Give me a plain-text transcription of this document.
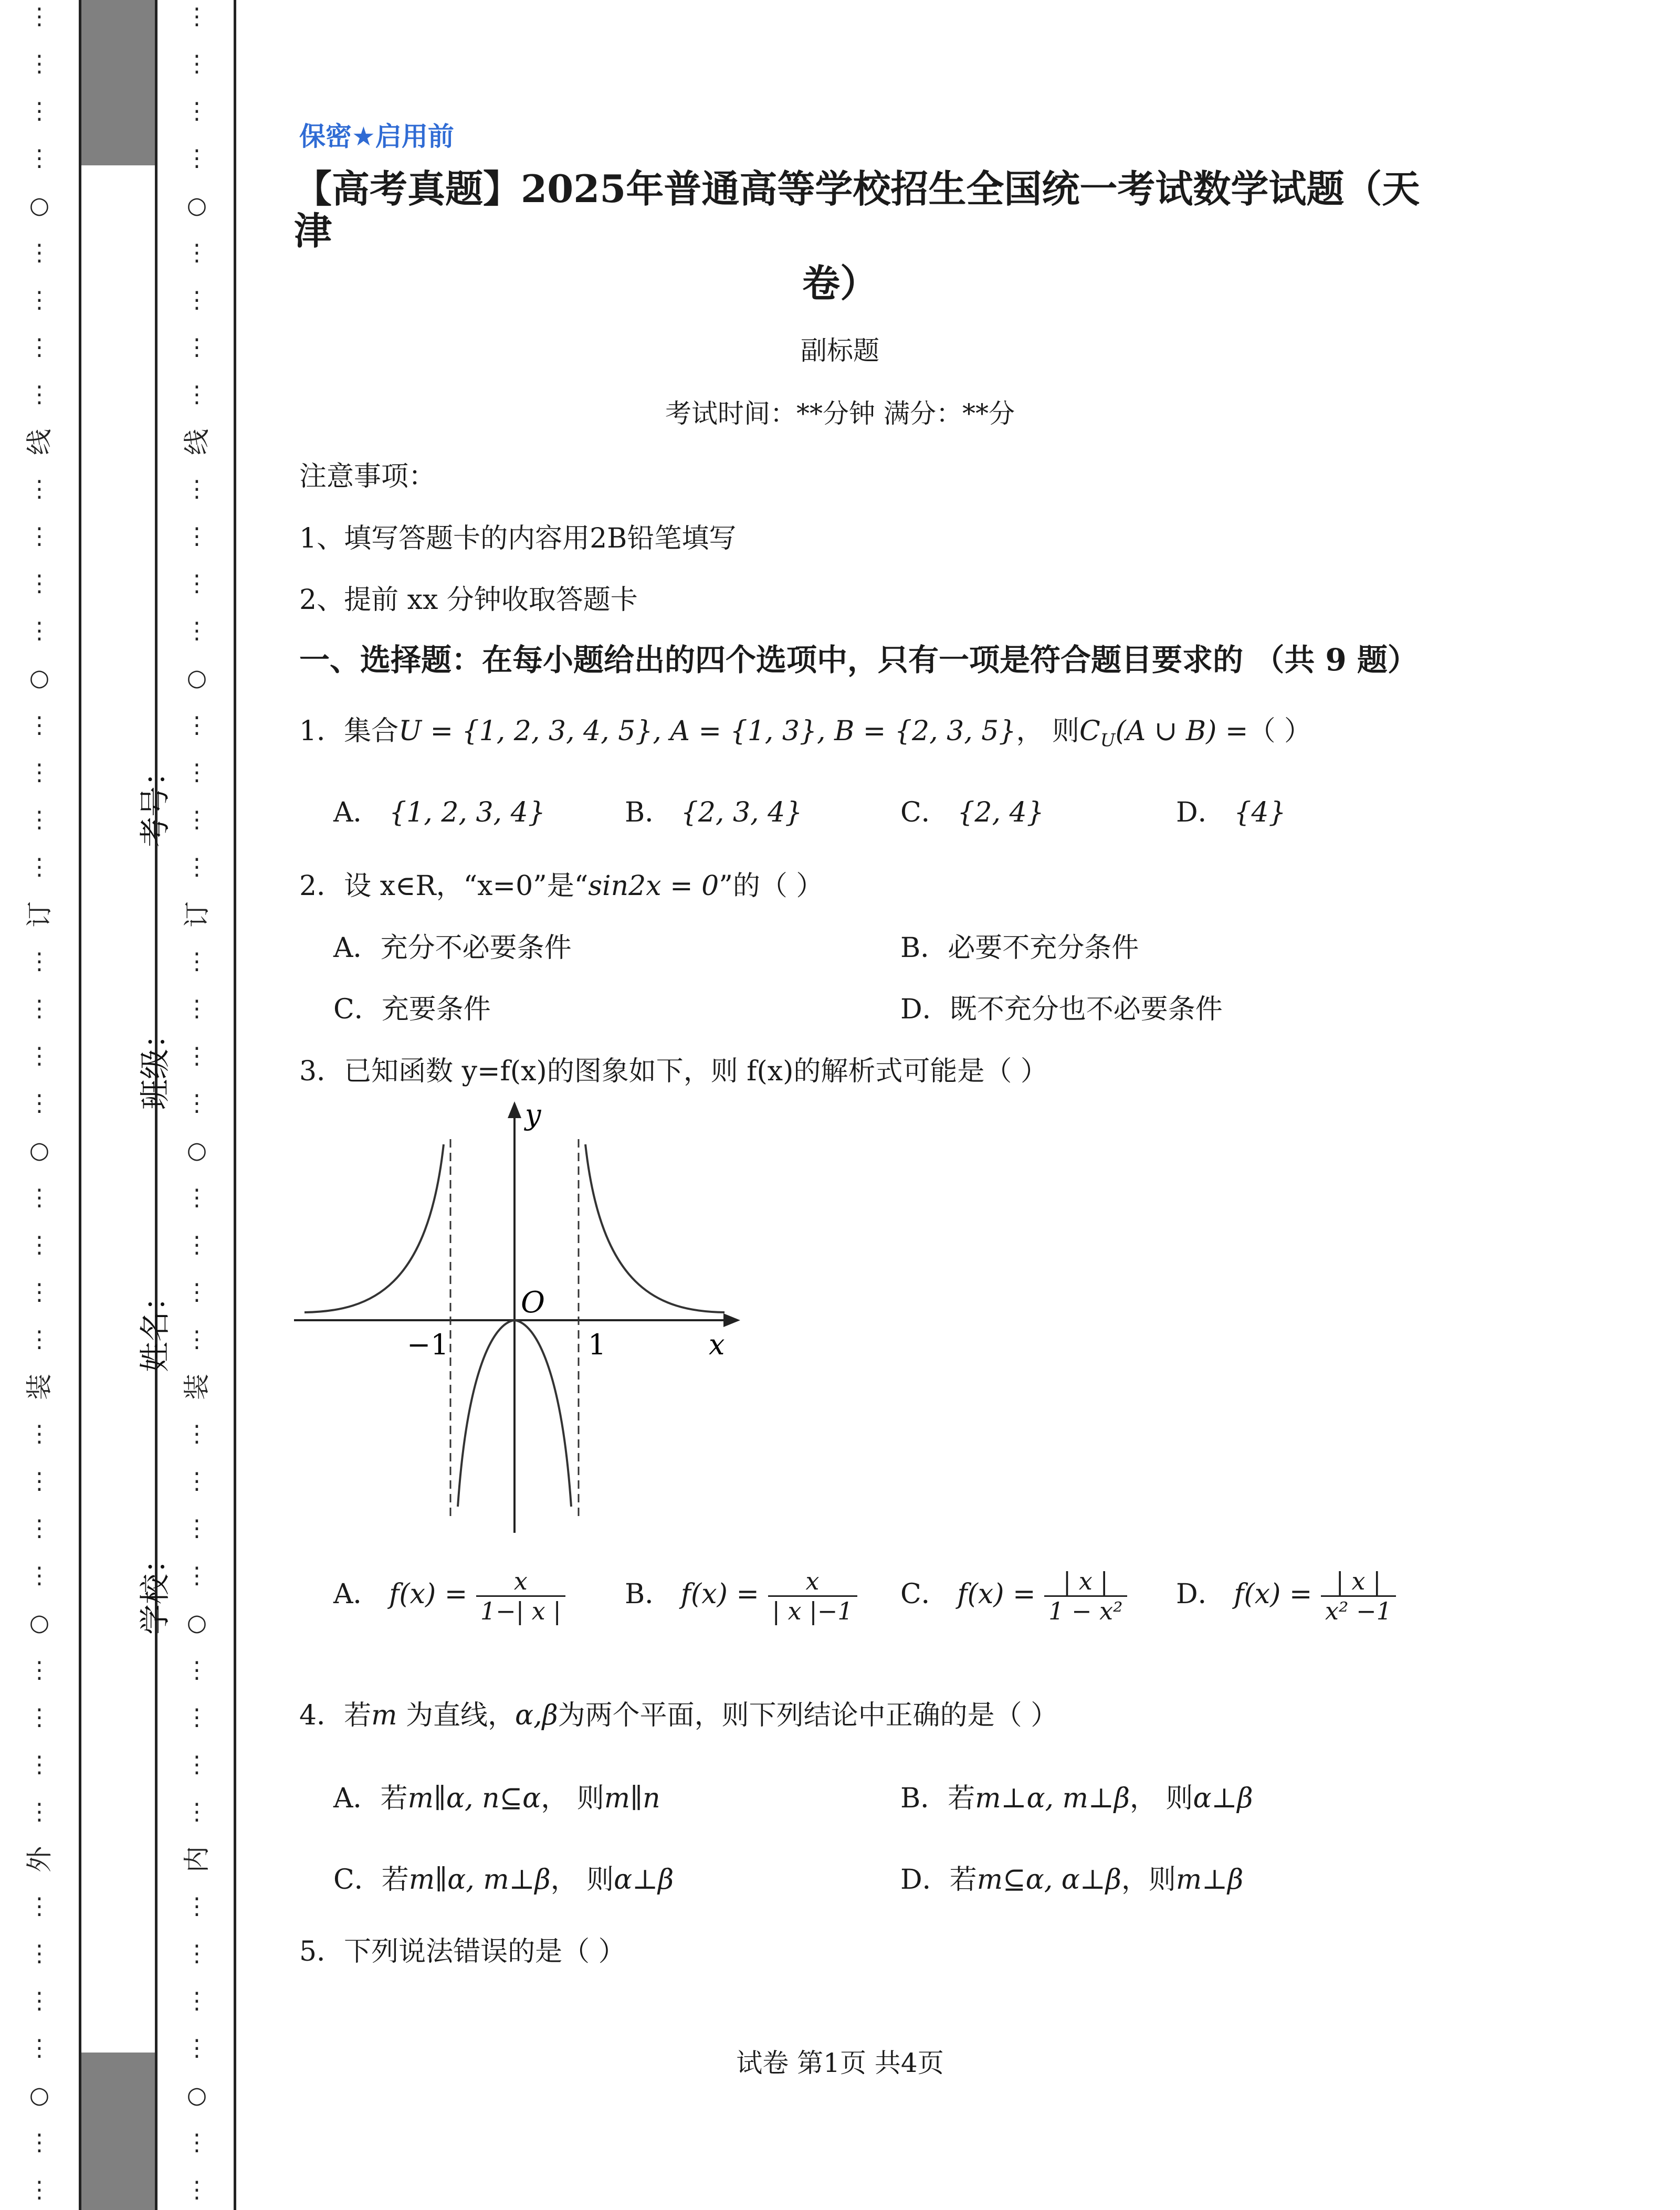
⋮
⋮
⋮
⋮
○
⋮
⋮
⋮
⋮
线
⋮
⋮
⋮
⋮
○
⋮
⋮
⋮
⋮
订
⋮
⋮
⋮
⋮
○
⋮
⋮
⋮
⋮
装
⋮
⋮
⋮
⋮
○
⋮
⋮
⋮
⋮
外
⋮
⋮
⋮
⋮
○
⋮
⋮
学校：
姓名：
班级：
考号：
⋮
⋮
⋮
⋮
○
⋮
⋮
⋮
⋮
线
⋮
⋮
⋮
⋮
○
⋮
⋮
⋮
⋮
订
⋮
⋮
⋮
⋮
○
⋮
⋮
⋮
⋮
装
⋮
⋮
⋮
⋮
○
⋮
⋮
⋮
⋮
内
⋮
⋮
⋮
⋮
○
⋮
⋮
保密★启用前
【高考真题】2025年普通高等学校招生全国统一考试数学试题（天津
卷）
副标题
考试时间：**分钟 满分：**分
注意事项：
1、填写答题卡的内容用2B铅笔填写
2、提前 xx 分钟收取答题卡
一、选择题：在每小题给出的四个选项中，只有一项是符合题目要求的 （共 9 题）
1．集合U = {1, 2, 3, 4, 5}, A = {1, 3}, B = {2, 3, 5}， 则$C_U(A$ ∪ B) =（ ）
A． {1, 2, 3, 4}	B． {2, 3, 4}	C． {2, 4}	D． {4}
2．设 x∈R，“x=0”是“sin2x = 0”的（ ）
A．充分不必要条件	B．必要不充分条件
C．充要条件	D．既不充分也不必要条件
3．已知函数 y=f(x)的图象如下，则 f(x)的解析式可能是（ ）
y
x
O
−1	1
A． $f(x) = \frac{x}{1-| x |}$ B． $f(x) = \frac{x}{| x |-1}$ C． $f(x) = \frac{| x |}{\text{1 − x²}}$ D． $f(x) = \frac{| x |}{\text{x² −1}}$
4．若m 为直线，α,β为两个平面，则下列结论中正确的是（ ）
A．若m∥α, n⊆α， 则m∥n	B．若m⊥α, m⊥β， 则α⊥β
C．若m∥α, m⊥β， 则α⊥β	D．若m⊆α, α⊥β，则m⊥β
5．下列说法错误的是（ ）
试卷 第1页 共4页
